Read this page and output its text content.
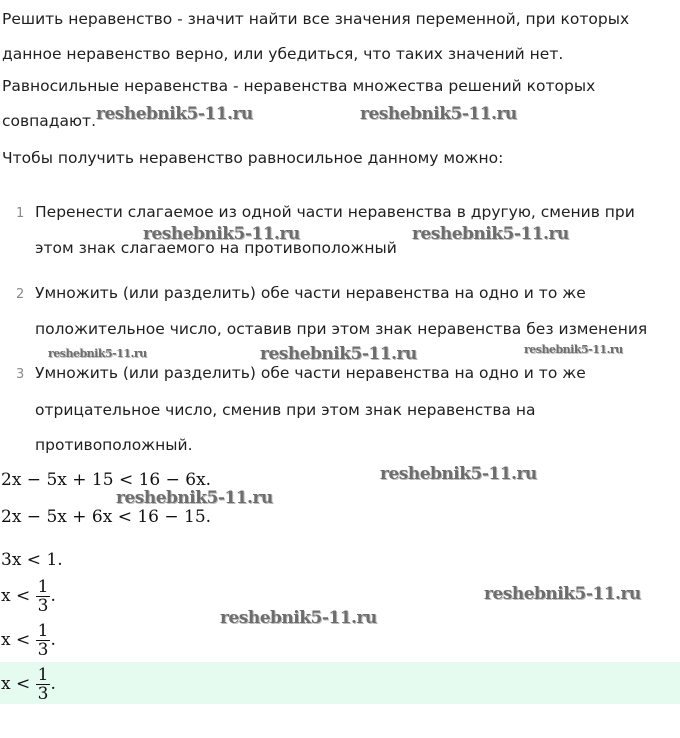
Решить неравенство - значит найти все значения переменной, при которых

данное неравенство верно, или убедиться, что таких значений нет.

Равносильные неравенства - неравенства множества решений которых

совпадают.

Чтобы получить неравенство равносильное данному можно:

1 Перенести слагаемое из одной части неравенства в другую, сменив при
этом знак слагаемого на противоположный
2 Умножить (или разделить) обе части неравенства на одно и то же
положительное число, оставив при этом знак неравенства без изменения
3 Умножить (или разделить) обе части неравенства на одно и то же
отрицательное число, сменив при этом знак неравенства на
противоположный.
2x − 5x + 15 < 16 − 6x.
2x − 5x + 6x < 16 − 15.
3x < 1.
$x < \frac{1}{3}$ .
$x < \frac{1}{3}$ .
$x < \frac{1}{3}$ .
reshebnik5-11.ru	reshebnik5-11.ru
reshebnik5-11.ru	reshebnik5-11.ru
reshebnik5-11.ru	reshebnik5-11.ru	reshebnik5-11.ru
reshebnik5-11.ru
reshebnik5-11.ru
reshebnik5-11.ru
reshebnik5-11.ru
